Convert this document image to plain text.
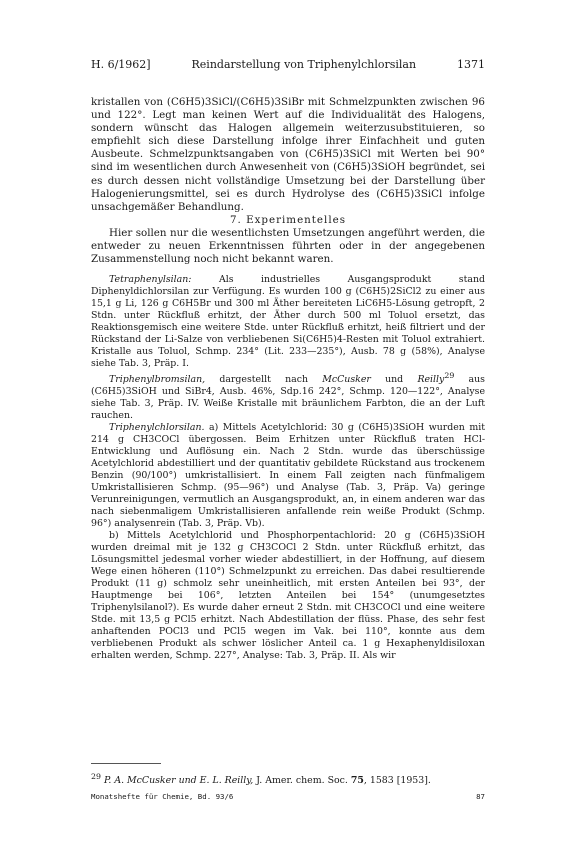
H. 6/1962]	Reindarstellung von Triphenylchlorsilan	1371

kristallen von (C6H5)3SiCl/(C6H5)3SiBr mit Schmelzpunkten zwischen 96 und 122°. Legt man keinen Wert auf die Individualität des Halogens, sondern wünscht das Halogen allgemein weiterzusubstituieren, so empfiehlt sich diese Darstellung infolge ihrer Einfachheit und guten Ausbeute. Schmelzpunktsangaben von (C6H5)3SiCl mit Werten bei 90° sind im wesentlichen durch Anwesenheit von (C6H5)3SiOH begründet, sei es durch dessen nicht vollständige Umsetzung bei der Darstellung über Halogenierungsmittel, sei es durch Hydrolyse des (C6H5)3SiCl infolge unsachgemäßer Behandlung.

7. Experimentelles

Hier sollen nur die wesentlichsten Umsetzungen angeführt werden, die entweder zu neuen Erkenntnissen führten oder in der angegebenen Zusammenstellung noch nicht bekannt waren.

Tetraphenylsilan: Als industrielles Ausgangsprodukt stand Diphenyldichlorsilan zur Verfügung. Es wurden 100 g (C6H5)2SiCl2 zu einer aus 15,1 g Li, 126 g C6H5Br und 300 ml Äther bereiteten LiC6H5-Lösung getropft, 2 Stdn. unter Rückfluß erhitzt, der Äther durch 500 ml Toluol ersetzt, das Reaktionsgemisch eine weitere Stde. unter Rückfluß erhitzt, heiß filtriert und der Rückstand der Li-Salze von verbliebenen Si(C6H5)4-Resten mit Toluol extrahiert. Kristalle aus Toluol, Schmp. 234° (Lit. 233—235°), Ausb. 78 g (58%), Analyse siehe Tab. 3, Präp. I.

Triphenylbromsilan, dargestellt nach McCusker und Reilly$^{29}$ aus (C6H5)3SiOH und SiBr4, Ausb. 46%, Sdp.16 242°, Schmp. 120—122°, Analyse siehe Tab. 3, Präp. IV. Weiße Kristalle mit bräunlichem Farbton, die an der Luft rauchen.

Triphenylchlorsilan. a) Mittels Acetylchlorid: 30 g (C6H5)3SiOH wurden mit 214 g CH3COCl übergossen. Beim Erhitzen unter Rückfluß traten HCl-Entwicklung und Auflösung ein. Nach 2 Stdn. wurde das überschüssige Acetylchlorid abdestilliert und der quantitativ gebildete Rückstand aus trockenem Benzin (90/100°) umkristallisiert. In einem Fall zeigten nach fünfmaligem Umkristallisieren Schmp. (95—96°) und Analyse (Tab. 3, Präp. Va) geringe Verunreinigungen, vermutlich an Ausgangsprodukt, an, in einem anderen war das nach siebenmaligem Umkristallisieren anfallende rein weiße Produkt (Schmp. 96°) analysenrein (Tab. 3, Präp. Vb).

b) Mittels Acetylchlorid und Phosphorpentachlorid: 20 g (C6H5)3SiOH wurden dreimal mit je 132 g CH3COCl 2 Stdn. unter Rückfluß erhitzt, das Lösungsmittel jedesmal vorher wieder abdestilliert, in der Hoffnung, auf diesem Wege einen höheren (110°) Schmelzpunkt zu erreichen. Das dabei resultierende Produkt (11 g) schmolz sehr uneinheitlich, mit ersten Anteilen bei 93°, der Hauptmenge bei 106°, letzten Anteilen bei 154° (unumgesetztes Triphenylsilanol?). Es wurde daher erneut 2 Stdn. mit CH3COCl und eine weitere Stde. mit 13,5 g PCl5 erhitzt. Nach Abdestillation der flüss. Phase, des sehr fest anhaftenden POCl3 und PCl5 wegen im Vak. bei 110°, konnte aus dem verbliebenen Produkt als schwer löslicher Anteil ca. 1 g Hexaphenyldisiloxan erhalten werden, Schmp. 227°, Analyse: Tab. 3, Präp. II. Als wir

$^{29}$ P. A. McCusker und E. L. Reilly, J. Amer. chem. Soc. 75, 1583 [1953].
Monatshefte für Chemie, Bd. 93/6	87
